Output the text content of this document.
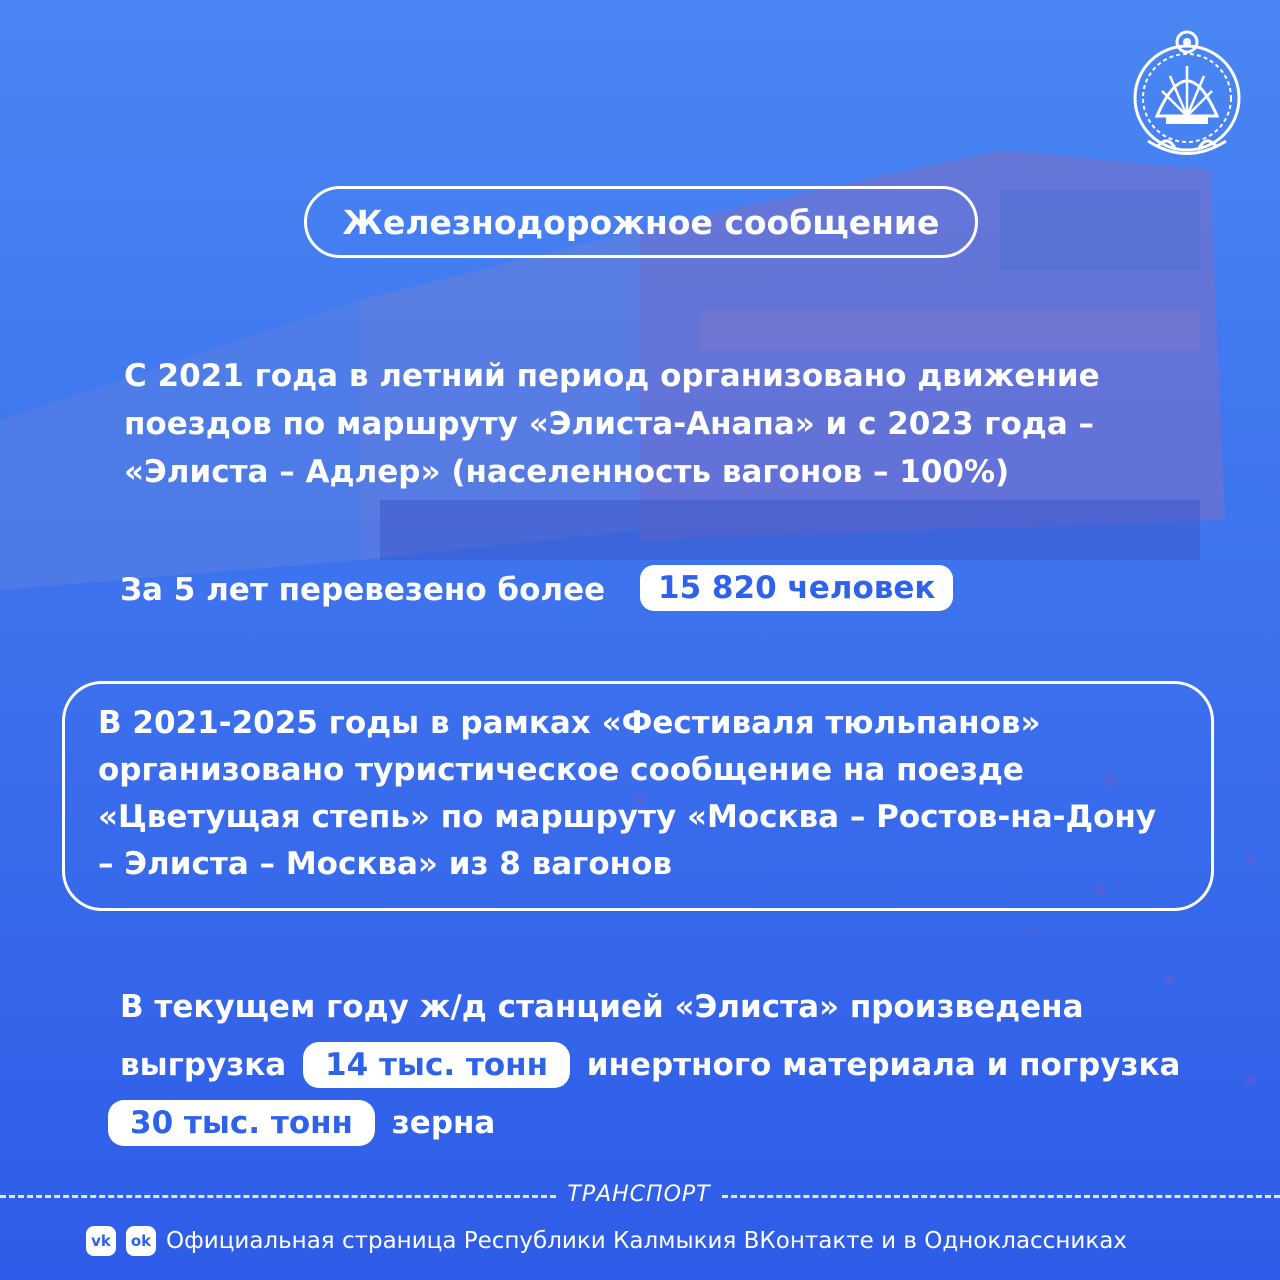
Железнодорожное сообщение
С 2021 года в летний период организовано движение
поездов по маршруту «Элиста-Анапа» и с 2023 года –
«Элиста – Адлер» (населенность вагонов – 100%)
За 5 лет перевезено более	15 820 человек
В 2021-2025 годы в рамках «Фестиваля тюльпанов»
организовано туристическое сообщение на поезде
«Цветущая степь» по маршруту «Москва – Ростов-на-Дону
– Элиста – Москва» из 8 вагонов
В текущем году ж/д станцией «Элиста» произведена
выгрузка 14 тыс. тонн инертного материала и погрузка
30 тыс. тонн зерна
ТРАНСПОРТ
vk	ok Официальная страница Республики Калмыкия ВКонтакте и в Одноклассниках
